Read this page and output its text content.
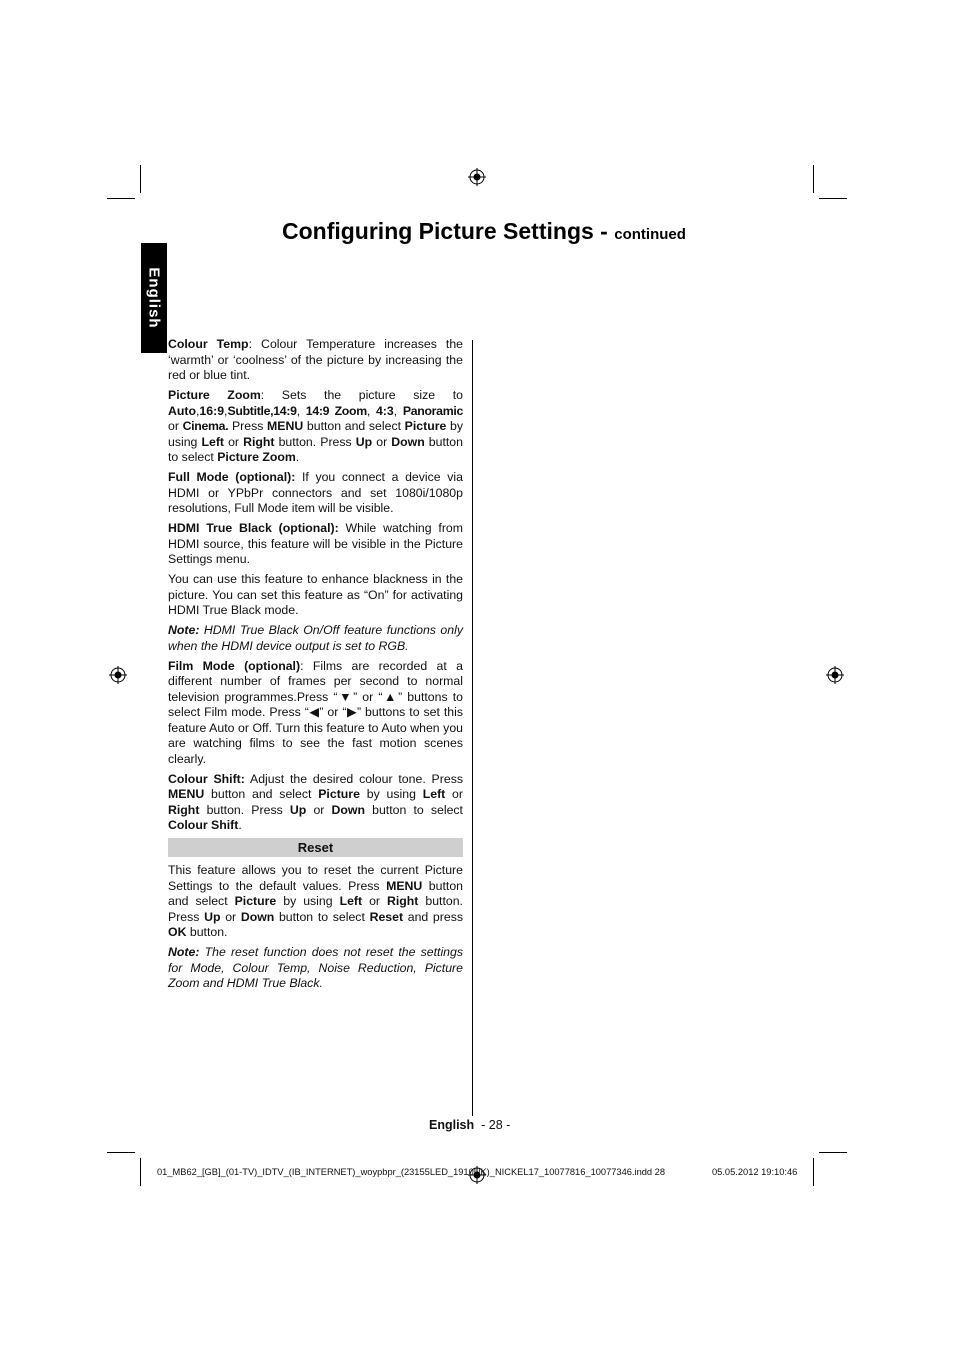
Configuring Picture Settings - continued
English

Colour Temp: Colour Temperature increases the ‘warmth’ or ‘coolness’ of the picture by increasing the red or blue tint.

Picture Zoom: Sets the picture size to Auto,16:9,Subtitle,14:9, 14:9 Zoom, 4:3, Panoramic or Cinema. Press MENU button and select Picture by using Left or Right button. Press Up or Down button to select Picture Zoom.

Full Mode (optional): If you connect a device via HDMI or YPbPr connectors and set 1080i/1080p resolutions, Full Mode item will be visible.

HDMI True Black (optional): While watching from HDMI source, this feature will be visible in the Picture Settings menu.

You can use this feature to enhance blackness in the picture. You can set this feature as “On” for activating HDMI True Black mode.

Note: HDMI True Black On/Off feature functions only when the HDMI device output is set to RGB.

Film Mode (optional): Films are recorded at a different number of frames per second to normal television programmes.Press “▼” or “▲” buttons to select Film mode. Press “◀” or “▶” buttons to set this feature Auto or Off. Turn this feature to Auto when you are watching films to see the fast motion scenes clearly.

Colour Shift: Adjust the desired colour tone. Press MENU button and select Picture by using Left or Right button. Press Up or Down button to select Colour Shift.

Reset

This feature allows you to reset the current Picture Settings to the default values. Press MENU button and select Picture by using Left or Right button. Press Up or Down button to select Reset and press OK button.

Note: The reset function does not reset the settings for Mode, Colour Temp, Noise Reduction, Picture Zoom and HDMI True Black.

English - 28 -
01_MB62_[GB]_(01-TV)_IDTV_(IB_INTERNET)_woypbpr_(23155LED_1910UK)_NICKEL17_10077816_10077346.indd 28	05.05.2012 19:10:46
